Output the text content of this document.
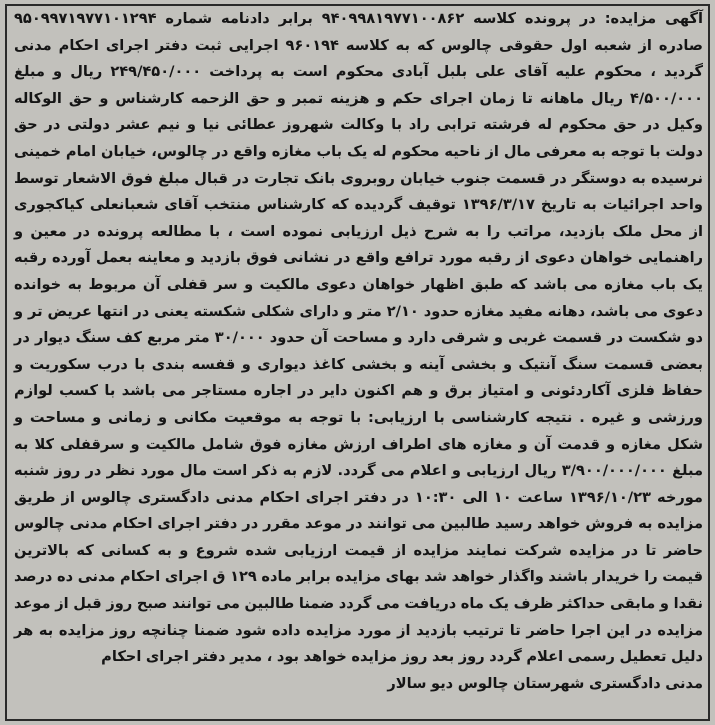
آگهی مزایده: در پرونده کلاسه ۹۴۰۹۹۸۱۹۷۷۱۰۰۸۶۲ برابر دادنامه شماره ۹۵۰۹۹۷۱۹۷۷۱۰۱۲۹۴ صادره از شعبه اول حقوقی چالوس که به کلاسه ۹۶۰۱۹۴ اجرایی ثبت دفتر اجرای احکام مدنی گردید ، محکوم علیه آقای علی بلبل آبادی محکوم است به پرداخت ۲۴۹/۴۵۰/۰۰۰ ریال و مبلغ ۴/۵۰۰/۰۰۰ ریال ماهانه تا زمان اجرای حکم و هزینه تمبر و حق الزحمه کارشناس و حق الوکاله وکیل در حق محکوم له فرشته ترابی راد با وکالت شهروز عطائی نیا و نیم عشر دولتی در حق دولت با توجه به معرفی مال از ناحیه محکوم له یک باب مغازه واقع در چالوس، خیابان امام خمینی نرسیده به دوستگر در قسمت جنوب خیابان روبروی بانک تجارت در قبال مبلغ فوق الاشعار توسط واحد اجرائیات به تاریخ ۱۳۹۶/۳/۱۷ توقیف گردیده که کارشناس منتخب آقای شعبانعلی کیاکجوری از محل ملک بازدید، مراتب را به شرح ذیل ارزیابی نموده است ، با مطالعه پرونده در معین و راهنمایی خواهان دعوی از رقبه مورد ترافع واقع در نشانی فوق بازدید و معاینه بعمل آورده رقبه یک باب مغازه می باشد که طبق اظهار خواهان دعوی مالکیت و سر قفلی آن مربوط به خوانده دعوی می باشد، دهانه مفید مغازه حدود ۲/۱۰ متر و دارای شکلی شکسته یعنی در انتها عریض تر و دو شکست در قسمت غربی و شرقی دارد و مساحت آن حدود ۳۰/۰۰۰ متر مربع کف سنگ دیوار در بعضی قسمت سنگ آنتیک و بخشی آینه و بخشی کاغذ دیواری و قفسه بندی با درب سکوریت و حفاظ فلزی آکاردئونی و امتیاز برق و هم اکنون دایر در اجاره مستاجر می باشد با کسب لوازم ورزشی و غیره . نتیجه کارشناسی با ارزیابی: با توجه به موقعیت مکانی و زمانی و مساحت و شکل مغازه و قدمت آن و مغازه های اطراف ارزش مغازه فوق شامل مالکیت و سرقفلی کلا به مبلغ ۳/۹۰۰/۰۰۰/۰۰۰ ریال ارزیابی و اعلام می گردد. لازم به ذکر است مال مورد نظر در روز شنبه مورخه ۱۳۹۶/۱۰/۲۳ ساعت ۱۰ الی ۱۰:۳۰ در دفتر اجرای احکام مدنی دادگستری چالوس از طریق مزایده به فروش خواهد رسید طالبین می توانند در موعد مقرر در دفتر اجرای احکام مدنی چالوس حاضر تا در مزایده شرکت نمایند مزایده از قیمت ارزیابی شده شروع و به کسانی که بالاترین قیمت را خریدار باشند واگذار خواهد شد بهای مزایده برابر ماده ۱۲۹ ق اجرای احکام مدنی ده درصد نقدا و مابقی حداکثر ظرف یک ماه دریافت می گردد ضمنا طالبین می توانند صبح روز قبل از موعد مزایده در این اجرا حاضر تا ترتیب بازدید از مورد مزایده داده شود ضمنا چنانچه روز مزایده به هر دلیل تعطیل رسمی اعلام گردد روز بعد روز مزایده خواهد بود ، مدیر دفتر اجرای احکام
مدنی دادگستری شهرستان چالوس دیو سالار
